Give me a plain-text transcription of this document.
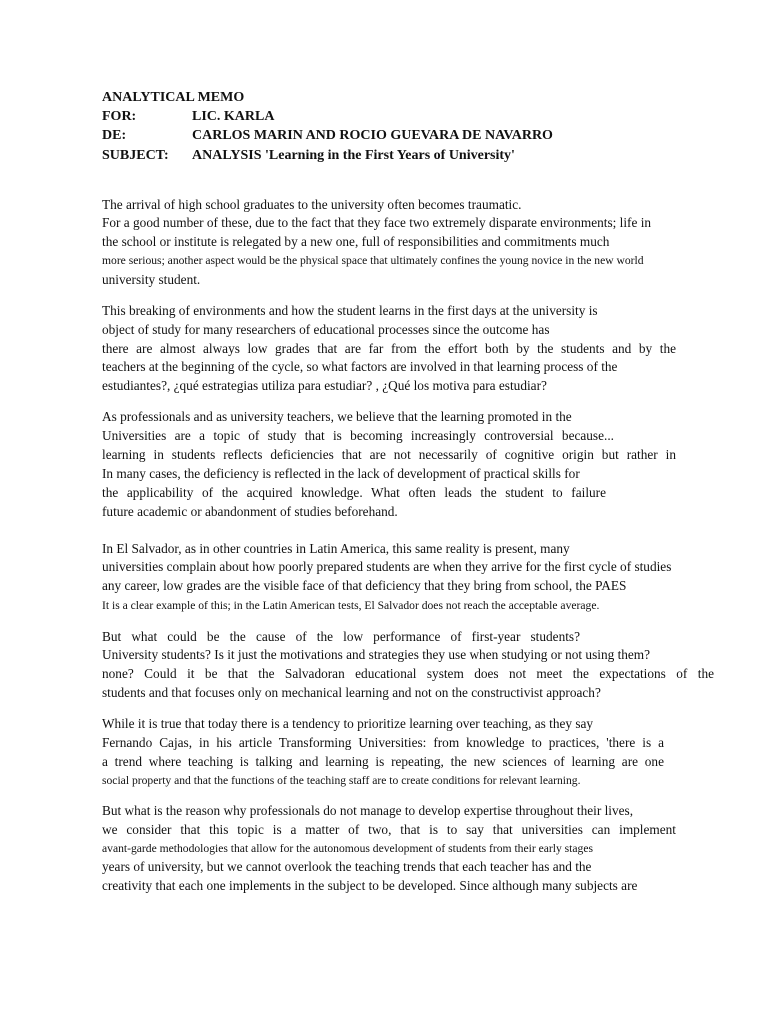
ANALYTICAL MEMO
FOR:	LIC. KARLA
DE:	CARLOS MARIN AND ROCIO GUEVARA DE NAVARRO
SUBJECT: ANALYSIS 'Learning in the First Years of University'
The arrival of high school graduates to the university often becomes traumatic.
For a good number of these, due to the fact that they face two extremely disparate environments; life in
the school or institute is relegated by a new one, full of responsibilities and commitments much
more serious; another aspect would be the physical space that ultimately confines the young novice in the new world
university student.
This breaking of environments and how the student learns in the first days at the university is
object of study for many researchers of educational processes since the outcome has
there are almost always low grades that are far from the effort both by the students and by the
teachers at the beginning of the cycle, so what factors are involved in that learning process of the
estudiantes?, ¿qué estrategias utiliza para estudiar? , ¿Qué los motiva para estudiar?
As professionals and as university teachers, we believe that the learning promoted in the
Universities are a topic of study that is becoming increasingly controversial because...
learning in students reflects deficiencies that are not necessarily of cognitive origin but rather in
In many cases, the deficiency is reflected in the lack of development of practical skills for
the applicability of the acquired knowledge. What often leads the student to failure
future academic or abandonment of studies beforehand.
In El Salvador, as in other countries in Latin America, this same reality is present, many
universities complain about how poorly prepared students are when they arrive for the first cycle of studies
any career, low grades are the visible face of that deficiency that they bring from school, the PAES
It is a clear example of this; in the Latin American tests, El Salvador does not reach the acceptable average.
But what could be the cause of the low performance of first-year students?
University students? Is it just the motivations and strategies they use when studying or not using them?
none? Could it be that the Salvadoran educational system does not meet the expectations of the
students and that focuses only on mechanical learning and not on the constructivist approach?
While it is true that today there is a tendency to prioritize learning over teaching, as they say
Fernando Cajas, in his article Transforming Universities: from knowledge to practices, 'there is a
a trend where teaching is talking and learning is repeating, the new sciences of learning are one
social property and that the functions of the teaching staff are to create conditions for relevant learning.
But what is the reason why professionals do not manage to develop expertise throughout their lives,
we consider that this topic is a matter of two, that is to say that universities can implement
avant-garde methodologies that allow for the autonomous development of students from their early stages
years of university, but we cannot overlook the teaching trends that each teacher has and the
creativity that each one implements in the subject to be developed. Since although many subjects are
